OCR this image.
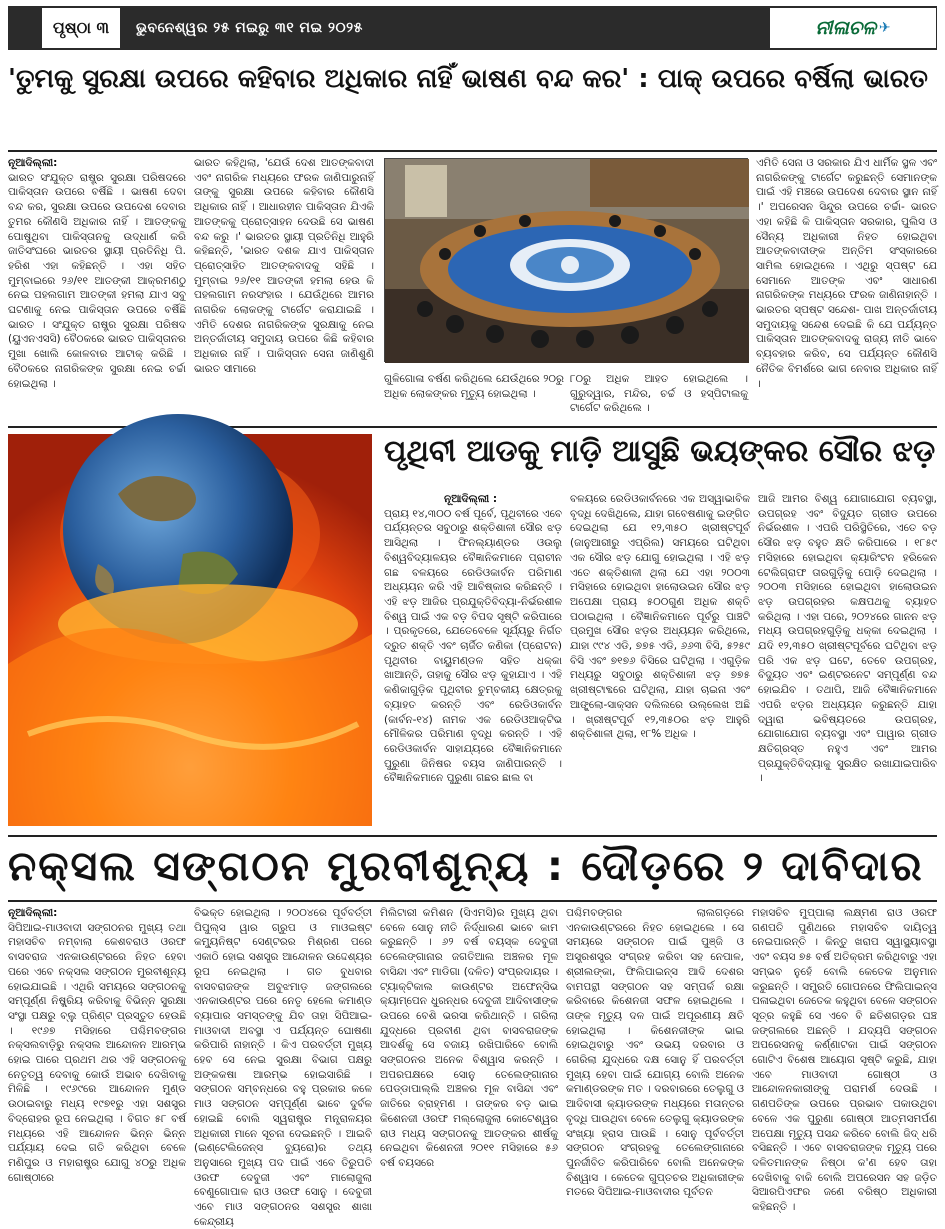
ପୃଷ୍ଠା ୩	ଭୁବନେଶ୍ୱର ୨୫ ମଇରୁ ୩୧ ମଇ ୨୦୨୫	ନୀଳାଚଳ ✈
'ତୁମକୁ ସୁରକ୍ଷା ଉପରେ କହିବାର ଅଧିକାର ନାହିଁ ଭାଷଣ ବନ୍ଦ କର' : ପାକ୍ ଉପରେ ବର୍ଷିଲା ଭାରତ
ନୂଆଦିଲ୍ଲୀ:
ଭାରତ ସଂଯୁକ୍ତ ରାଷ୍ଟ୍ର ସୁରକ୍ଷା ପରିଷଦରେ ପାକିସ୍ତାନ ଉପରେ ବର୍ଷିଛି । ଭାଷଣ ଦେବା ବନ୍ଦ କର, ସୁରକ୍ଷା ଉପରେ ଉପଦେଶ ଦେବାର ତୁମର କୌଣସି ଅଧିକାର ନାହିଁ । ଆତଙ୍କକୁ ପୋଷୁଥିବା ପାକିସ୍ତାନକୁ ଉଦ୍ଧାର୍ଣ କରି ଜାତିସଂଘରେ ଭାରତର ସ୍ଥାୟୀ ପ୍ରତିନିଧି ପି. ହରିଶ ଏହା କହିଛନ୍ତି । ଏହା ସହିତ ମୁମ୍ବାଇରେ ୨୬/୧୧ ଆତଙ୍କୀ ଆକ୍ରମଣଠୁ ନେଇ ପହଲଗାମ ଆତଙ୍କୀ ହମଲା ଯାଏ ସବୁ ଘଟଣାକୁ ନେଇ ପାକିସ୍ତାନ ଉପରେ ବର୍ଷିଛି ଭାରତ । ସଂଯୁକ୍ତ ରାଷ୍ଟ୍ର ସୁରକ୍ଷା ପରିଷଦ (ୟୁଏନଏସସି) ବୈଠକରେ ଭାରତ ପାକିସ୍ତାନର ମୁଖା ଖୋଲି କୋଳବାର ଆଟାକ୍ କରିଛି । ବୈଠକରେ ନାଗରିକଙ୍କ ସୁରକ୍ଷା ନେଇ ଚର୍ଚ୍ଚା ହୋଇଥିଲା ।
ଭାରତ କହିଥିଲା, 'ଯେଉଁ ଦେଶ ଆତଙ୍କବାଦୀ ଏବଂ ନାଗରିକ ମଧ୍ୟରେ ଫରକ ଜାଣିପାରୁନାହିଁ ତାଙ୍କୁ ସୁରକ୍ଷା ଉପରେ କହିବାର କୌଣସି ଅଧିକାର ନାହିଁ । ଆଧାରହୀନ ପାକିସ୍ତାନ ଯିଏକି ଆତଙ୍କକୁ ପ୍ରୋତ୍ସାହନ ଦେଉଛି ସେ ଭାଷଣ ବନ୍ଦ କରୁ ।' ଭାରତର ସ୍ଥାୟୀ ପ୍ରତିନିଧି ଆହୁରି କହିଛନ୍ତି, 'ଭାରତ ଦଶକ ଯାଏ ପାକିସ୍ତାନ ପ୍ରୋତ୍ସାହିତ ଆତଙ୍କବାଦକୁ ସହିଛି । ମୁମ୍ବାଇ ୨୬/୧୧ ଆତଙ୍କୀ ହମଲା ହେଉ କି ପହଲଗାମ ନରସଂହାର । ଯେଉଁଥିରେ ଆମର ନାଗରିକ ଲୋକଙ୍କୁ ଟାର୍ଗେଟ କରାଯାଇଛି । ଏମିତି ଦେଶର ନାଗରିକଙ୍କ ସୁରକ୍ଷାକୁ ନେଇ ଅନ୍ତର୍ଜାତୀୟ ସମୁଦାୟ ଉପରେ କିଛି କହିବାର ଅଧିକାର ନାହିଁ । ପାକିସ୍ତାନ ସେନା ଜାଣିଶୁଣି ଭାରତ ସୀମାରେ
ଗୁଳିଗୋଳା ବର୍ଷଣ କରିଥିଲେ ଯେଉଁଥିରେ ୨୦ରୁ ଅଧିକ ଲୋକଙ୍କର ମୃତ୍ୟୁ ହୋଇଥିଲା ।
୮୦ରୁ ଅଧିକ ଆହତ ହୋଇଥିଲେ । ଗୁରୁଦ୍ୱାର, ମନ୍ଦିର, ଚର୍ଚ୍ଚ ଓ ହସ୍ପିଟାଲକୁ ଟାର୍ଗେଟ କରିଥିଲେ ।
ଏମିତି ସେନା ଓ ସରକାର ଯିଏ ଧାର୍ମିକ ସ୍ଥଳ ଏବଂ ନାଗରିକଙ୍କୁ ଟାର୍ଗେଟ କରୁଛନ୍ତି ସେମାନଙ୍କ ପାଇଁ ଏହି ମଞ୍ଚରେ ଉପଦେଶ ଦେବାର ସ୍ଥାନ ନାହିଁ ।' ଅପରେସନ ସିନ୍ଦୁର ଉପରେ ଚର୍ଚ୍ଚା- ଭାରତ ଏହା କହିଛି କି ପାକିସ୍ତାନ ସରକାର, ପୁଲିସ ଓ ସୈନ୍ୟ ଅଧିକାରୀ ନିହତ ହୋଇଥିବା ଆତଙ୍କବାଦୀଙ୍କ ଅନ୍ତିମ ସଂସ୍କାରରେ ସାମିଲ ହୋଇଥିଲେ । ଏଥିରୁ ସ୍ପଷ୍ଟ ଯେ ସେମାନେ ଆତଙ୍କ ଏବଂ ସାଧାରଣ ନାଗରିକଙ୍କ ମଧ୍ୟରେ ଫରକ ଜାଣିନାହାନ୍ତି । ଭାରତର ସ୍ପଷ୍ଟ ସନ୍ଦେଶ- ପାଖ ଅନ୍ତର୍ଜାତୀୟ ସମୁଦାୟକୁ ସନ୍ଦେଶ ଦେଇଛି କି ଯେ ପର୍ଯ୍ୟନ୍ତ ପାକିସ୍ତାନ ଆତଙ୍କବାଦକୁ ରାଜ୍ୟ ନୀତି ଭାବେ ବ୍ୟବହାର କରିବ, ସେ ପର୍ଯ୍ୟନ୍ତ କୌଣସି ନୈତିକ ବିମର୍ଶରେ ଭାଗ ନେବାର ଅଧିକାର ନାହିଁ ।
ପୃଥିବୀ ଆଡକୁ ମାଡ଼ି ଆସୁଛି ଭୟଙ୍କର ସୌର ଝଡ଼
ନୂଆଦିଲ୍ଲୀ :
ପ୍ରାୟ ୧୪,୩୦୦ ବର୍ଷ ପୂର୍ବେ, ପୃଥିବୀରେ ଏବେ ପର୍ଯ୍ୟନ୍ତର ସବୁଠାରୁ ଶକ୍ତିଶାଳୀ ସୌର ଝଡ଼ ଆସିଥିଲା । ଫିନଲ୍ୟାଣ୍ଡର ଓଉଲୁ ବିଶ୍ୱବିଦ୍ୟାଳୟର ବୈଜ୍ଞାନିକମାନେ ପ୍ରାଚୀନ ଗଛ ବଳୟରେ ରେଡିଓକାର୍ବନ ପରିମାଣ ଅଧ୍ୟୟନ କରି ଏହି ଆବିଷ୍କାର କରିଛନ୍ତି । ଏହି ଝଡ଼ ଆଜିର ପ୍ରଯୁକ୍ତିବିଦ୍ୟା-ନିର୍ଭରଶୀଳ ବିଶ୍ୱ ପାଇଁ ଏକ ବଡ଼ ବିପଦ ସୃଷ୍ଟି କରିପାରେ । ପ୍ରକୃତରେ, ଯେତେବେଳେ ସୂର୍ଯ୍ୟରୁ ନିର୍ଗତ ଦ୍ରୁତ ଶକ୍ତି ଏବଂ ଚାର୍ଜିତ କଣିକା (ପ୍ରୋଟନ) ପୃଥିବୀର ବାୟୁମଣ୍ଡଳ ସହିତ ଧକ୍କା ଖାଆନ୍ତି, ତାହାକୁ ସୌର ଝଡ଼ କୁହାଯାଏ । ଏହି କଣିକାଗୁଡ଼ିକ ପୃଥିବୀର ଚୁମ୍ବକୀୟ କ୍ଷେତ୍ରକୁ ବ୍ୟାହତ କରନ୍ତି ଏବଂ ରେଡିଓକାର୍ବନ (କାର୍ବନ-୧୪) ନାମକ ଏକ ରେଡିଓଆକ୍ଟିଭ ମୌଳିକର ପରିମାଣ ବୃଦ୍ଧି କରନ୍ତି । ଏହି ରେଡିଓକାର୍ବନ ସାହାଯ୍ୟରେ ବୈଜ୍ଞାନିକମାନେ ପୁରୁଣା ଜିନିଷର ବୟସ ଜାଣିପାରନ୍ତି । ବୈଜ୍ଞାନିକମାନେ ପୁରୁଣା ଗଛର ଛାଲ ବା
ବଳୟରେ ରେଡିଓକାର୍ବନରେ ଏକ ଅସ୍ୱାଭାବିକ ବୃଦ୍ଧି ଦେଖିଥିଲେ, ଯାହା ଗବେଷଣାକୁ ଇଙ୍ଗିତ ଦେଇଥିଲା ଯେ ୧୨,୩୫୦ ଖ୍ରୀଷ୍ଟପୂର୍ବ (ଜାନୁଆରୀରୁ ଏପ୍ରିଲ) ସମୟରେ ଘଟିଥିବା ଏକ ସୌର ଝଡ଼ ଯୋଗୁ ହୋଇଥିଲା । ଏହି ଝଡ଼ ଏତେ ଶକ୍ତିଶାଳୀ ଥିଲା ଯେ ଏହା ୨୦୦୩ ମସିହାରେ ହୋଇଥିବା ହାଲୋଉଇନ ସୌର ଝଡ଼ ଅପେକ୍ଷା ପ୍ରାୟ ୫୦୦ଗୁଣ ଅଧିକ ଶକ୍ତି ପଠାଇଥିଲା । ବୈଜ୍ଞାନିକମାନେ ପୂର୍ବରୁ ପାଞ୍ଚଟି ପ୍ରମୁଖ ସୌର ଝଡ଼ର ଅଧ୍ୟୟନ କରିଥିଲେ, ଯାହା ୯୯୪ ଏଡି, ୭୭୫ ଏଡି, ୬୬୩ ବିସି, ୫୨୫୯ ବିସି ଏବଂ ୭୧୭୬ ବିସିରେ ଘଟିଥିଲା । ଏଗୁଡ଼ିକ ମଧ୍ୟରୁ ସବୁଠାରୁ ଶକ୍ତିଶାଳୀ ଝଡ଼ ୭୭୫ ଖ୍ରୀଷ୍ଟାବ୍ଦରେ ଘଟିଥିଲା, ଯାହା ଚାଇନା ଏବଂ ଆଙ୍ଗ୍ଲୋ-ସାକ୍ସନ ଦଲିଲରେ ଉଲ୍ଲେଖ ଅଛି । ଖ୍ରୀଷ୍ଟପୂର୍ବ ୧୨,୩୫୦ର ଝଡ଼ ଆହୁରି ଶକ୍ତିଶାଳୀ ଥିଲା, ୧୮% ଅଧିକ ।
ଆଜି ଆମର ବିଶ୍ୱ ଯୋଗାଯୋଗ ବ୍ୟବସ୍ଥା, ଉପଗ୍ରହ ଏବଂ ବିଦ୍ୟୁତ ଗ୍ରୀଡ ଉପରେ ନିର୍ଭରଶୀଳ । ଏପରି ପରିସ୍ଥିତିରେ, ଏତେ ବଡ଼ ସୌର ଝଡ଼ ବହୁତ କ୍ଷତି କରିପାରେ । ୧୮୫୯ ମସିହାରେ ହୋଇଥିବା କ୍ୟାରିଂଟନ ହରିକେନ ଟେଲିଗ୍ରାଫ ତାରଗୁଡ଼ିକୁ ପୋଡ଼ି ଦେଇଥିଲା । ୨୦୦୩ ମସିହାରେ ହୋଇଥିବା ହାଲୋଉଇନ ଝଡ଼ ଉପଗ୍ରହର କକ୍ଷପଥକୁ ବ୍ୟାହତ କରିଥିଲା । ଏହା ପରେ, ୨୦୨୪ରେ ଗାନନ ଝଡ଼ ମଧ୍ୟ ଉପଗ୍ରହଗୁଡ଼ିକୁ ଧକ୍କା ଦେଇଥିଲା । ଯଦି ୧୨,୩୫୦ ଖ୍ରୀଷ୍ଟପୂର୍ବରେ ଘଟିଥିବା ଝଡ଼ ପରି ଏକ ଝଡ଼ ଘଟେ, ତେବେ ଉପଗ୍ରହ, ବିଦ୍ୟୁତ ଏବଂ ଇଣ୍ଟରନେଟ ସମ୍ପୂର୍ଣ୍ଣ ବନ୍ଦ ହୋଇଯିବ । ତଥାପି, ଆଜି ବୈଜ୍ଞାନିକମାନେ ଏପରି ଝଡ଼ର ଅଧ୍ୟୟନ କରୁଛନ୍ତି ଯାହା ଦ୍ୱାରା ଭବିଷ୍ୟତରେ ଉପଗ୍ରହ, ଯୋଗାଯୋଗ ବ୍ୟବସ୍ଥା ଏବଂ ପାୱାର ଗ୍ରୀଡ କ୍ଷତିଗ୍ରସ୍ତ ନହୁଏ ଏବଂ ଆମର ପ୍ରଯୁକ୍ତିବିଦ୍ୟାକୁ ସୁରକ୍ଷିତ ରଖାଯାଇପାରିବ ।
ନକ୍ସଲ ସଙ୍ଗଠନ ମୁରବୀଶୂନ୍ୟ : ଦୌଡ଼ରେ ୨ ଦାବିଦାର
ନୂଆଦିଲ୍ଲୀ:
ସିପିଆଇ-ମାଓବାଦୀ ସଙ୍ଗଠନର ମୁଖ୍ୟ ତଥା ମହାସଚିବ ନମ୍ବାଲା କେଶବରାଓ ଓରଫ ବାସବରାଜ ଏନକାଉଣ୍ଟରରେ ନିହତ ହେବା ପରେ ଏବେ ନକ୍ସଲ ସଙ୍ଗଠନ ମୁରବୀଶୂନ୍ୟ ହୋଇଯାଇଛି । ଏଥିରି ସମୟରେ ସଙ୍ଗଠନକୁ ସମ୍ପୂର୍ଣ୍ଣ ନିଷ୍କ୍ରିୟ କରିବାକୁ ବିଭିନ୍ନ ସୁରକ୍ଷା ସଂସ୍ଥା ପକ୍ଷରୁ ବ୍ଲୁ ପ୍ରିଣ୍ଟ ପ୍ରସ୍ତୁତ ହେଉଛି । ୧୯୬୭ ମସିହାରେ ପଶ୍ଚିମବଙ୍ଗର ନକ୍ସଲବାଡ଼ିରୁ ନକ୍ସଲ ଆନ୍ଦୋଳନ ଆରମ୍ଭ ହୋଇ ପାରେ ପ୍ରଥମ ଥର ଏହି ସଙ୍ଗଠନକୁ ନେତୃତ୍ୱ ଦେବାକୁ କୋଉଁ ଅଭାବ ଦେଖିବାକୁ ମିଳିଛି । ୧୯୬୯ରେ ଆନ୍ଦୋଳନ ମୁଣ୍ଡ ଉଠାଇବାରୁ ମଧ୍ୟ ୧୯୭୧ରୁ ଏହା ସଶସ୍ତ୍ର ବିଦ୍ରୋହର ରୂପ ନେଇଥିଲା । ବିଗତ ୫୮ ବର୍ଷ ମଧ୍ୟରେ ଏହି ଆନ୍ଦୋଳନ ଭିନ୍ନ ଭିନ୍ନ ପର୍ଯ୍ୟାୟ ଦେଇ ଗତି କରିଥିବା ବେଳେ ମଣିପୁର ଓ ମହାରାଷ୍ଟ୍ର ଯୋଗୁ ୪୦ରୁ ଅଧିକ ଗୋଷ୍ଠୀରେ
ବିଭକ୍ତ ହୋଇଥିଲା । ୨୦୦୪ରେ ପୂର୍ବବର୍ତ୍ତୀ ପିପୁଲ୍ସ ୱାର ଗ୍ରୁପ ଓ ମାଓଇଷ୍ଟ କମ୍ୟୁନିଷ୍ଟ ସେଣ୍ଟରର ମିଶ୍ରଣ ପରେ ଏକାଠି ହୋଇ ସଶସ୍ତ୍ର ଆନ୍ଦୋଳନ ଉଦ୍ଦେଶ୍ୟର ରୂପ ନେଇଥିଲା । ଗତ ବୁଧବାର ବାସବରାଜଙ୍କ ଅବୁଝମାଡ଼ ଜଙ୍ଗଲରେ ଏନକାଉଣ୍ଟର ପରେ ନେତୃ ହେଲେ କମାଣ୍ଡ ବ୍ୟାପାର ସମସ୍ତଙ୍କୁ ଯିବ ତାହା ସିପିଆଇ-ମାଓବାଦୀ ଅବସ୍ଥା ଏ ପର୍ଯ୍ୟନ୍ତ ଘୋଷଣା କରିପାରି ନାହାନ୍ତି । କିଏ ପରବର୍ତ୍ତୀ ମୁଖ୍ୟ ହେବ ସେ ନେଇ ସୁରକ୍ଷା ବିଭାଗ ପକ୍ଷରୁ ଅଙ୍କକଷା ଆରମ୍ଭ ହୋଇସାରିଛି । ସଙ୍ଗଠନ ସମ୍ବନ୍ଧରେ ବହୁ ପ୍ରକାର କଳେ ମାଓ ସଙ୍ଗଠନ ସମ୍ପୂର୍ଣ୍ଣ ଭାବେ ଦୁର୍ବଳ ହୋଇଛି ବୋଲି ସ୍ୱରାଷ୍ଟ୍ର ମନ୍ତ୍ରାଳୟର ଅଧିକାରୀ ମାନେ ସୂଚନା ଦେଇଛନ୍ତି । ଆଇବି (ଇଣ୍ଟେଲିଜେନ୍ସ ବ୍ୟୁରୋ)ର ତଥ୍ୟ ଅନୁସାରେ ମୁଖ୍ୟ ପଦ ପାଇଁ ଏବେ ତିରୁପତି ଓରଫ ଦେବୁଜୀ ଏବଂ ମାଲୋଜୁଲା ବେଣୁଗୋପାଳ ରାଓ ଓରଫ ସୋନୁ । ଦେବୁଜୀ ଏବେ ମାଓ ସଙ୍ଗଠନର ସଶସ୍ତ୍ର ଶାଖା କେନ୍ଦ୍ରୀୟ
ମିଲିଟାରୀ କମିଶନ (ସିଏମସି)ର ମୁଖ୍ୟ ଥିବା ବେଳେ ସୋନୁ ନୀତି ନିର୍ଦ୍ଧାରଣ ଭାବେ କାମ କରୁଛନ୍ତି । ୬୨ ବର୍ଷ ବୟସ୍କ ଦେବୁଜୀ ତେଲେଙ୍ଗାନାର ଜଗତିଆଲ ଅଞ୍ଚଳର ମୂଳ ବାସିନ୍ଦା ଏବଂ ମାଡିଗା (ଦଳିତ) ସଂପ୍ରଦାୟର । ଟ୍ୟାକ୍ଟିକାଲ କାଉଣ୍ଟର ଅଫେନ୍ସିଭ କ୍ୟାମ୍ପେନ ଧୁରନ୍ଧର ଦେବୁଜୀ ଆଦିବାସୀଙ୍କ ଉପରେ ବେଶି ଭରସା କରିଥାନ୍ତି । ଗରିଲା ଯୁଦ୍ଧରେ ପ୍ରବୀଣ ଥିବା ବାସବରାଜଙ୍କ ଆଦର୍ଶକୁ ସେ ବଜାୟ ରଖିପାରିବେ ବୋଲି ସଙ୍ଗଠନର ଅନେକ ବିଶ୍ୱାସ କରନ୍ତି । ଅପରପକ୍ଷରେ ସୋନୁ ତେଲେଙ୍ଗାନାର ପେଡ୍ଡାପାଲ୍ଲି ଅଞ୍ଚଳର ମୂଳ ବାସିନ୍ଦା ଏବଂ ଜାତିରେ ବ୍ରାହ୍ମଣ । ତାଙ୍କର ବଡ଼ ଭାଇ କିଶେନଜୀ ଓରଫ ମଲ୍ଲୋଜୁଲା କୋଟେଶ୍ୱର ରାଓ ମଧ୍ୟ ସଙ୍ଗଠନକୁ ଆତଙ୍କର ଶୀର୍ଷକୁ ନେଇଥିବା କିଶେନଜୀ ୨୦୧୧ ମସିହାରେ ୫୬ ବର୍ଷ ବୟସରେ
ପଶ୍ଚିମବଙ୍ଗର ଲାଲଗଡ଼ରେ ଏନକାଉଣ୍ଟରରେ ନିହତ ହୋଇଥିଲେ । ସେ ସମୟରେ ସଙ୍ଗଠନ ପାଇଁ ପୁଞ୍ଜି ଓ ଅସ୍ତ୍ରଶସ୍ତ୍ର ସଂଗ୍ରହ କରିବା ସହ ନେପାଳ, ଶ୍ରୀଲଙ୍କା, ଫିଲିପାଇନ୍ସ ଆଦି ଦେଶର ବାମପନ୍ଥୀ ସଙ୍ଗଠନ ସହ ସମ୍ପର୍କ ରକ୍ଷା କରିବାରେ କିଶେନଜୀ ସଫଳ ହୋଇଥିଲେ । ତାଙ୍କ ମୃତ୍ୟୁ ଦଳ ପାଇଁ ଅପୂରଣୀୟ କ୍ଷତି ହୋଇଥିଲା । କିଶେନଜୀଙ୍କ ଭାଇ ହୋଇଥିବାରୁ ଏବଂ ଉଭୟ ଦରବାର ଓ ଗେରିଲା ଯୁଦ୍ଧରେ ଦକ୍ଷ ସୋନୁ ହିଁ ପରବର୍ତ୍ତୀ ମୁଖ୍ୟ ହେବା ପାଇଁ ଯୋଗ୍ୟ ବୋଲି ଅନେକ କମାଣ୍ଡରଙ୍କ ମତ । ଦରବାରରେ ତେଲୁଗୁ ଓ ଆଦିବାସୀ କ୍ୟାଡରଙ୍କ ମଧ୍ୟରେ ମତାନ୍ତର ବୃଦ୍ଧି ପାଉଥିବା ବେଳେ ତେଲୁଗୁ କ୍ୟାଡରଙ୍କ ସଂଖ୍ୟା ହ୍ରାସ ପାଉଛି । ସୋନୁ ପୂର୍ବବର୍ତ୍ତୀ ସଙ୍ଗଠନ ସଂଗ୍ରହକୁ ତେଲେଙ୍ଗାନାରେ ପୁନର୍ଜୀବିତ କରିପାରିବେ ବୋଲି ଅନେକଙ୍କ ବିଶ୍ୱାସ । କେତେକ ଗୁପ୍ତଚର ଅଧିକାରୀଙ୍କ ମତରେ ସିପିଆଇ-ମାଓବାଦୀର ପୂର୍ବତନ
ମହାସଚିବ ମୁପ୍ପାଲା ଲକ୍ଷ୍ମଣ ରାଓ ଓରଫ ଗଣପତି ପୁଣିଥରେ ମହାସଚିବ ଦାୟିତ୍ୱ ନେଇପାରନ୍ତି । କିନ୍ତୁ ଖରାପ ସ୍ୱାସ୍ଥ୍ୟାବସ୍ଥା ଏବଂ ବୟସ ୭୫ ବର୍ଷ ଅତିକ୍ରମ କରିଥିବାରୁ ଏହା ସମ୍ଭବ ନୁହେଁ ବୋଲି କେତେକ ଅନୁମାନ କରୁଛନ୍ତି । ସମ୍ପ୍ରତି ଗୋପନରେ ଫିଲିପାଇନ୍ସ ପଳାଇଥିବା ଜେତେକ କହୁଥିବା ବେଳେ ସଙ୍ଗଠନ ସୂତ୍ର କହୁଛି ସେ ଏବେ ବି ଛତିଶଗଡ଼ର ଘଞ୍ଚ ଜଙ୍ଗଲରେ ଅଛନ୍ତି । ଯଦ୍ୟପି ସଙ୍ଗଠନ ଅପରେସନକୁ କର୍ଣ୍ଣାଟକା ପାଇଁ ସଙ୍ଗଠନ ଗୋଟିଏ ବିଶେଷ ଆୟୋଗ ସୃଷ୍ଟି କରୁଛି, ଯାହା ଏବେ ମାଓବାଦୀ ଗୋଷ୍ଠୀ ଓ ଆନ୍ଦୋଳନକାରୀଙ୍କୁ ପରାମର୍ଶ ଦେଉଛି । ଗଣପତିଙ୍କ ଉପରେ ପ୍ରଭାବ ପକାଉଥିବା ବେଳେ ଏକ ପୁରୁଣା ଗୋଷ୍ଠୀ ଆତ୍ମସମର୍ପଣ ଅପେକ୍ଷା ମୃତ୍ୟୁ ପସନ୍ଦ କରିବେ ବୋଲି ଜିଦ୍ ଧରି ବସିଛନ୍ତି । ଏବେ ବାସବରାଜଙ୍କ ମୃତ୍ୟୁ ପରେ ଦଳିତମାନଙ୍କ ନିଷ୍ଠା କ'ଣ ହେବ ତାହା ଦେଖିବାକୁ ବାକି ବୋଲି ଅପରେସନ ସହ ଜଡ଼ିତ ସିଆରପିଏଫର ଜଣେ ବରିଷ୍ଠ ଅଧିକାରୀ କହିଛନ୍ତି ।
